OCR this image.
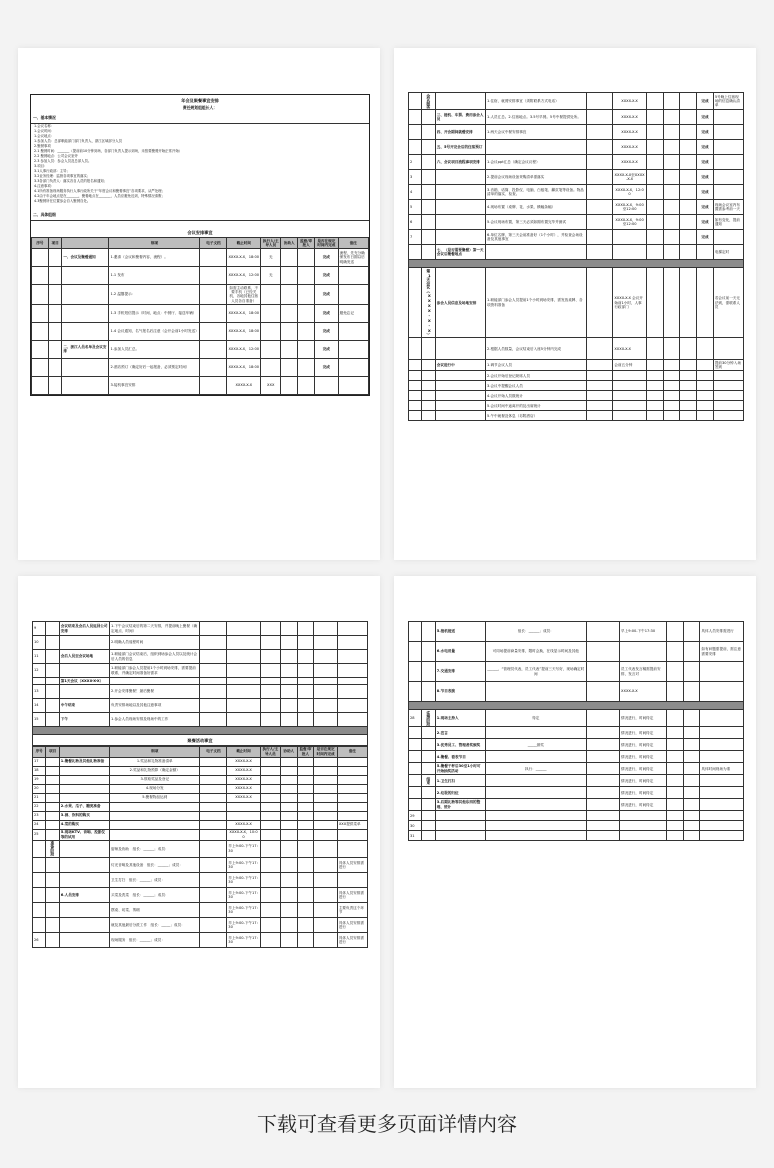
年会及聚餐事宜安排
责任规划组组长人：
一、基本情况
1.会议名称：
1.会议时间：
1.会议地点：
1.参加人员：总部职能部门部门负责人、浙江区域部分人员
2.聚餐事项
2.1 聚餐时间：_______（提前前10分钟到场，各部门负责人提示到场，未按要聚餐开始正常开始）
2.2 聚餐地点：公司会议室旁
2.3 参加人员：参会人员及总部人员。
3.项目：
3.1人事行政部：主导；
3.2业务经理：监督各项事宜的落实；
3.3各部门负责人：落实各自人员的报名和通知；
4.注意事项：
4.1所有准备现场服务执行人事行政所关于“年度会议和聚餐事宜”各项要求，从严处理；
4.2由于年会地点是在_______，聚餐地点在_______，人员应避免迟到，特殊情况请假；
4.3聚餐所在位置参会自入聚餐自处。
二、具体组细
会议安排事宜
序号	项目		细项	电子文档	截止时间	执行人/主导人员	协助人	监督/审批人	是否在规定时间内完成	备注
		一、会议及聚餐通知	1.邀请（会议和聚餐内容，流程）。		XXXX-X-X，18:00	无			完成	流程，先充分确保发布日期以后明确发送
			1.1 发布		XXXX-X-X，12:00	无			完成	
			1.2 温馨提示：		如需主动联系，不要手机（已经关机，各地其他住宿人员各自准备）				完成	
			1.3 手机短信提示（时间，地点：中餐厅、接送车辆）		XXXX-X-X，18:00				完成	避免忘记
			1.4 会议通知，名气报名后注意（会开会前1小时发送）		XXXX-X-X，18:00				完成	
		二、浙江人员名单及会议安排	1.参加人员汇总。		XXXX-X-X，12:00				完成	
			2.酒店预订（确定好后一起报备，必须预定时间）		XXXX-X-X，18:00				完成	
			3.接机事宜安排		XXXX-X-X	XXX				
	会议服务		1.住宿，就餐安排事宜（须附联系方式电话）		XXXX-X-X				完成	5号晚上住宿现场的信息确认清单
		三、接机、车票、费用参会人员	1.人员汇总。2.住宿地点。3.5号早餐。5号中餐提供处所。		XXXX-X-X				完成	
		四、开会期间就餐安排	1.两天会议中餐安排事宜		XXXX-X-X				完成	
		五、5号开完会后的住宿预订			XXXX-X-X				完成	
2		六、会议项目流程事项安排	1.会议ppt汇总（确定会议议程）		XXXX-X-X				完成	
3			2.提前会议现场设备采购清单需落实		XXXX-X-X至XXXX-X-X				完成	
4			3.音箱、话筒、投影仪、电脑、白板笔、翻页笔等设备。物品清单的落实、检查。		XXXX-X-X，12:00				完成	
5			4.现场布置（桌牌、花、水果、横幅条幅）		XXXX-X-X，9:00至12:00				完成	现场会议室内布置需参考前一天
6			5.会议现场布置，第三天必须如期布置完毕并测试		XXXX-X-X，9:00至12:00				完成	如有变化，提前通知
7			6.单位名牌，第三天会前准备好（1个小时），并检查会场设备及其他事宜						完成	
		七、（是否需要聚餐）第一天会议后聚餐地点								电梯定时

	第1天会议（XXXX-X-X）	参会人员信息及场地安排	1.职能部门参会人员提前1个小时到场安排，需发放桌牌、各项资料准备		XXXX-X-X 会议开始前1小时，人事行政部门					若会议前一天无法到，需联系人员
			2.根据人员数量，会议结束后入座5分钟内完成		XXXX-X-X					
		会议进行中	1.调节会议人员		会前五分钟					提前30分钟入场签到
			2.会议开始后登记缺席人员							
			3.会议中提醒会议人员							
			4.会议开始人员数统计							
			5.会议时间中途离开的及出席统计							
			5.午中就餐及休息（另附酒店）							
9		会议结束及会后人员返回公司安排	1.下午会议结束后的第二天安排，并提前晚上聚餐（确定地点、时间）							
10			2.明确人员返程时间							
11		会后人员至会议场地	1.职能部门会议结束后，组织到场参会人员以及统计会后人员的信息							
12			1.职能部门参会人员提前1个小时到场安排，需要提前联系，并确定时间准备好需求							
		第1天会议（XXXX-X-X）								
13			2.开会安排聚餐！最后聚餐							
14		中午结束	负责安排场地以及其他注意事项							
15		下午	1.参会人员现场安排及现场中的工作							

聚餐活动事宜
序号	项目		细项	电子文档	截止时间	执行人/主导人员	协助人	监督/审批人	是否在规定时间内完成	备注
17		1.聚餐礼物及其他礼物准备	1.奖品和礼物准备清单		XXXX-X-X					
18			2.奖品和礼物预算（确定金额）		XXXX-X-X					
19			3.领取奖品及登记		XXXX-X-X					
20			4.现场分发		XXXX-X-X					
21			5.聚餐物品运到		XXXX-X-X					
22		2.水果、瓜子、糖类准备								
23		3.酒、饮料的购买								
24		4.菜的购买			XXXX-X-X					XXX提供菜单
25		5.现场KTV、音响、投影仪等的试用			XXXX-X-X，10:00					
	准备阶段		厨师及协助　组长：______；成员：		早上9:00-下午17:30					
			灯光音响及其他设备　组长：______；成员：		早上9:00-下午17:30					具体人员安排需进行
			卫生打扫　组长：______；成员：		早上9:00-下午17:30					
		6.人员安排	买菜及洗菜　组长：______；成员：		早上9:00-下午17:30					具体人员安排需进行
			摆桌、切菜、剪刷　		早上9:00-下午17:30					主要负责这个环节
			就及其他最后分派工作　组长：_____；成员：		早上9:00-下午17:30					具体人员安排需进行
26			现场服务　组长：______；成员：		早上9:00-下午17:30					具体人员安排需进行
		5.接机接送	组长：______；成员：		早上9:00-下午17:30			具体人员安排需进行
		6.水电用量	可同场提前商量安排，限时会换，在线显示时间及其他					如有问题需提前，需注意需要安排
		7.交通安排	______，“管理员代表，员工代表”提前三天写好，现场确定时间		员工代表发言稿需提前安排，发言对			
		8.节目表演			XXXX-X-X			

28	实施阶段	1.现场主持人	待定		情况进行，时间待定			
		2.宣言			情况进行，时间待定			
		3.优秀员工、管理者奖颁奖	_____颁奖		情况进行，时间待定			
		4.聚餐、看表节目			情况进行，时间待定			
		5.聚餐干杯后30至1小时可开始抽奖活动	执行：______		情况进行，时间待定			具体时间现场为准
	结束	1.卫生打扫			情况进行，时间待定			
		2.垃圾的归位			情况进行，时间待定			
		3.后期礼物等其他东西的整理、统计			情况进行，时间待定			
29								
30								
31								
下载可查看更多页面详情内容
